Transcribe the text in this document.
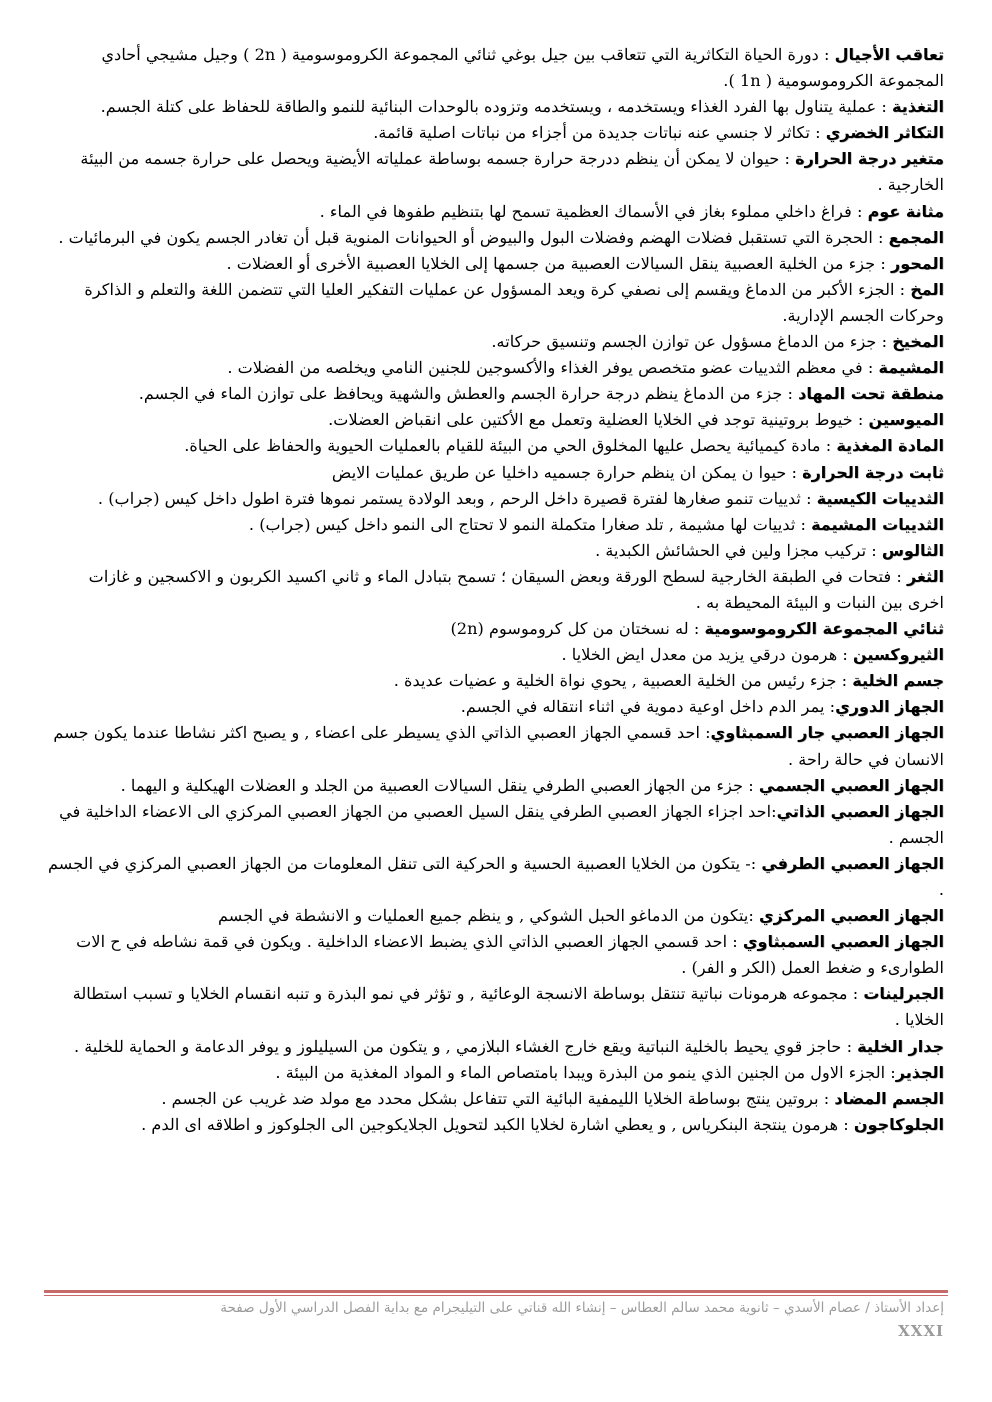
تعاقب الأجيال : دورة الحياة التكاثرية التي تتعاقب بين جيل بوغي ثنائي المجموعة الكروموسومية ( 2n ) وجيل مشيجي أحادي المجموعة الكروموسومية ( 1n ).

التغذية : عملية يتناول بها الفرد الغذاء ويستخدمه ، ويستخدمه وتزوده بالوحدات البنائية للنمو والطاقة للحفاظ على كتلة الجسم.

التكاثر الخضري : تكاثر لا جنسي عنه نباتات جديدة من أجزاء من نباتات اصلية قائمة.

متغير درجة الحرارة : حيوان لا يمكن أن ينظم ددرجة حرارة جسمه بوساطة عملياته الأيضية ويحصل على حرارة جسمه من البيئة الخارجية .

مثانة عوم : فراغ داخلي مملوء بغاز في الأسماك العظمية تسمح لها بتنظيم طفوها في الماء .

المجمع : الحجرة التي تستقبل فضلات الهضم وفضلات البول والبيوض أو الحيوانات المنوية قبل أن تغادر الجسم يكون في البرمائيات .

المحور : جزء من الخلية العصبية ينقل السيالات العصبية من جسمها إلى الخلايا العصبية الأخرى أو العضلات .

المخ : الجزء الأكبر من الدماغ ويقسم إلى نصفي كرة ويعد المسؤول عن عمليات التفكير العليا التي تتضمن اللغة والتعلم و الذاكرة وحركات الجسم الإدارية.

المخيخ : جزء من الدماغ مسؤول عن توازن الجسم وتنسيق حركاته.

المشيمة : في معظم الثدييات عضو متخصص يوفر الغذاء والأكسوجين للجنين النامي ويخلصه من الفضلات .

منطقة تحت المهاد : جزء من الدماغ ينظم درجة حرارة الجسم والعطش والشهية ويحافظ على توازن الماء في الجسم.

الميوسين : خيوط بروتينية توجد في الخلايا العضلية وتعمل مع الأكتين على انقباض العضلات.

المادة المغذية : مادة كيميائية يحصل عليها المخلوق الحي من البيئة للقيام بالعمليات الحيوية والحفاظ على الحياة.

ثابت درجة الحرارة : حيوا ن يمكن ان ينظم حرارة جسميه داخليا عن طريق عمليات الايض

الثدييات الكيسية : ثدييات تنمو صغارها لفترة قصيرة داخل الرحم , وبعد الولادة يستمر نموها فترة اطول داخل كيس (جراب) .

الثدييات المشيمة : ثدييات لها مشيمة , تلد صغارا متكملة النمو لا تحتاج الى النمو داخل كيس (جراب) .

الثالوس : تركيب مجزا ولين في الحشائش الكبدية .

الثغر : فتحات في الطبقة الخارجية لسطح الورقة وبعض السيقان ؛ تسمح بتبادل الماء و ثاني اكسيد الكربون و الاكسجين و غازات اخرى بين النبات و البيئة المحيطة به .

ثنائي المجموعة الكروموسومية : له نسختان من كل كروموسوم (2n)

الثيروكسين : هرمون درقي يزيد من معدل ايض الخلايا .

جسم الخلية : جزء رئيس من الخلية العصبية , يحوي نواة الخلية و عضيات عديدة .

الجهاز الدوري: يمر الدم داخل اوعية دموية في اثناء انتقاله في الجسم.

الجهاز العصبي جار السمبثاوي: احد قسمي الجهاز العصبي الذاتي الذي يسيطر على اعضاء , و يصبح اكثر نشاطا عندما يكون جسم الانسان في حالة راحة .

الجهاز العصبي الجسمي : جزء من الجهاز العصبي الطرفي ينقل السيالات العصبية من الجلد و العضلات الهيكلية و اليهما .

الجهاز العصبي الذاتي:احد اجزاء الجهاز العصبي الطرفي ينقل السيل العصبي من الجهاز العصبي المركزي الى الاعضاء الداخلية في الجسم .

الجهاز العصبي الطرفي :- يتكون من الخلايا العصبية الحسية و الحركية التى تنقل المعلومات من الجهاز العصبي المركزي في الجسم .

الجهاز العصبي المركزي :يتكون من الدماغو الحبل الشوكي , و ينظم جميع العمليات و الانشطة في الجسم

الجهاز العصبي السمبثاوي : احد قسمي الجهاز العصبي الذاتي الذي يضبط الاعضاء الداخلية . ويكون في قمة نشاطه في ح الات الطوارىء و ضغط العمل (الكر و الفر) .

الجبرلينات : مجموعه هرمونات نباتية تنتقل بوساطة الانسجة الوعائية , و تؤثر في نمو البذرة و تنبه انقسام الخلايا و تسبب استطالة الخلايا .

جدار الخلية : حاجز قوي يحيط بالخلية النباتية ويقع خارج الغشاء البلازمي , و يتكون من السيليلوز و يوفر الدعامة و الحماية للخلية .

الجذير: الجزء الاول من الجنين الذي ينمو من البذرة ويبدا بامتصاص الماء و المواد المغذية من البيئة .

الجسم المضاد : بروتين ينتج بوساطة الخلايا الليمفية البائية التي تتفاعل بشكل محدد مع مولد ضد غريب عن الجسم .

الجلوكاجون : هرمون ينتجة البنكرياس , و يعطي اشارة لخلايا الكبد لتحويل الجلايكوجين الى الجلوكوز و اطلاقه اى الدم .

إعداد الأستاذ / عصام الأسدي – ثانوية محمد سالم العطاس – إنشاء الله قناتي على التيليجرام مع بداية الفصل الدراسي الأول صفحة
XXXI
